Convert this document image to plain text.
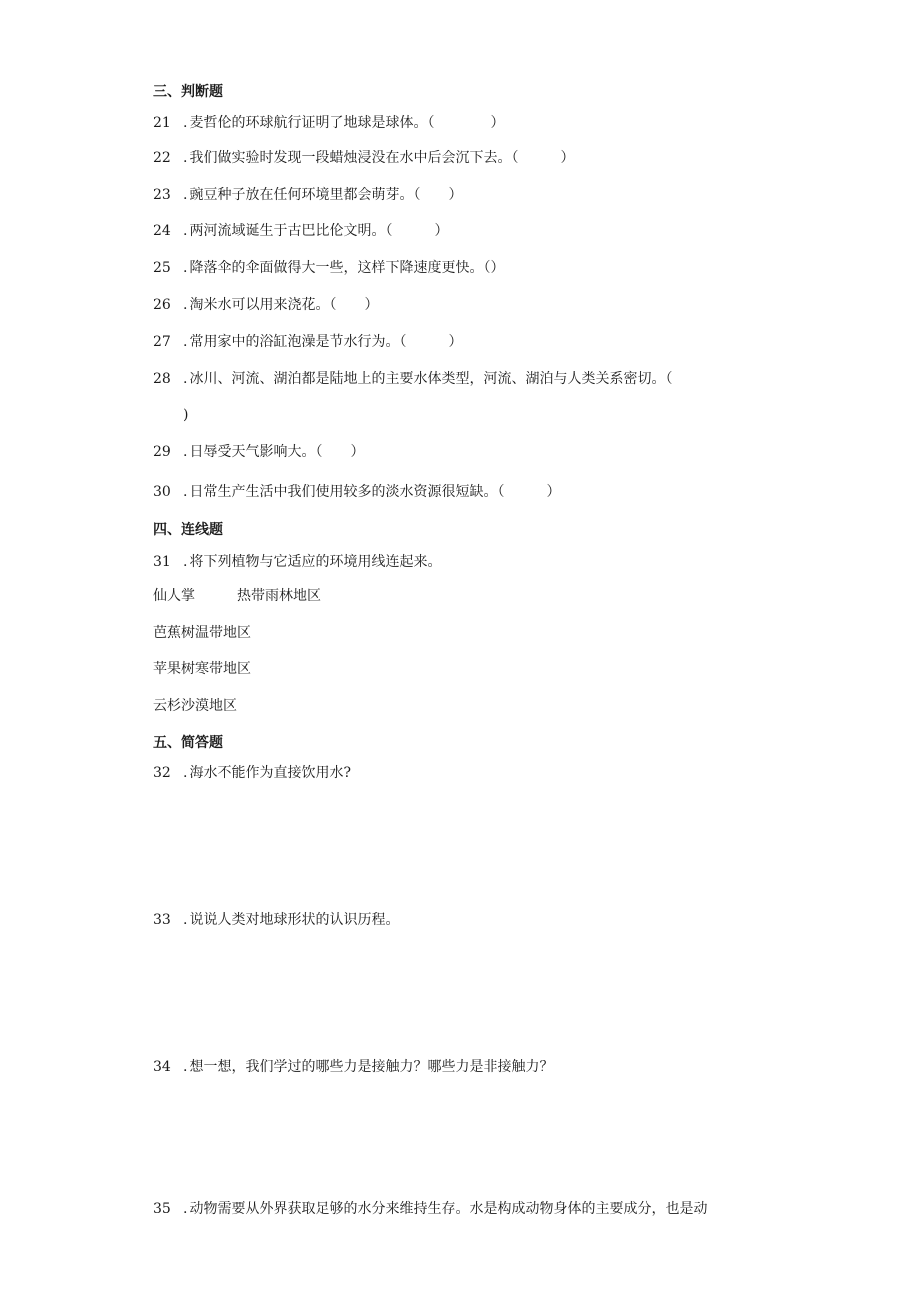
三、判断题
21 . 麦哲伦的环球航行证明了地球是球体。（　　　　）
22 . 我们做实验时发现一段蜡烛浸没在水中后会沉下去。（　　　）
23 . 豌豆种子放在任何环境里都会萌芽。（　　）
24 . 两河流域诞生于古巴比伦文明。（　　　）
25 . 降落伞的伞面做得大一些，这样下降速度更快。（）
26 . 淘米水可以用来浇花。（　　）
27 . 常用家中的浴缸泡澡是节水行为。（　　　）
28 . 冰川、河流、湖泊都是陆地上的主要水体类型，河流、湖泊与人类关系密切。（
)
29 . 日辱受天气影响大。（　　）
30 . 日常生产生活中我们使用较多的淡水资源很短缺。（　　　）
四、连线题
31 . 将下列植物与它适应的环境用线连起来。
仙人掌　　　热带雨林地区
芭蕉树温带地区
苹果树寒带地区
云杉沙漠地区
五、简答题
32 . 海水不能作为直接饮用水?
33 . 说说人类对地球形状的认识历程。
34 . 想一想，我们学过的哪些力是接触力？哪些力是非接触力？
35 . 动物需要从外界获取足够的水分来维持生存。水是构成动物身体的主要成分，也是动
